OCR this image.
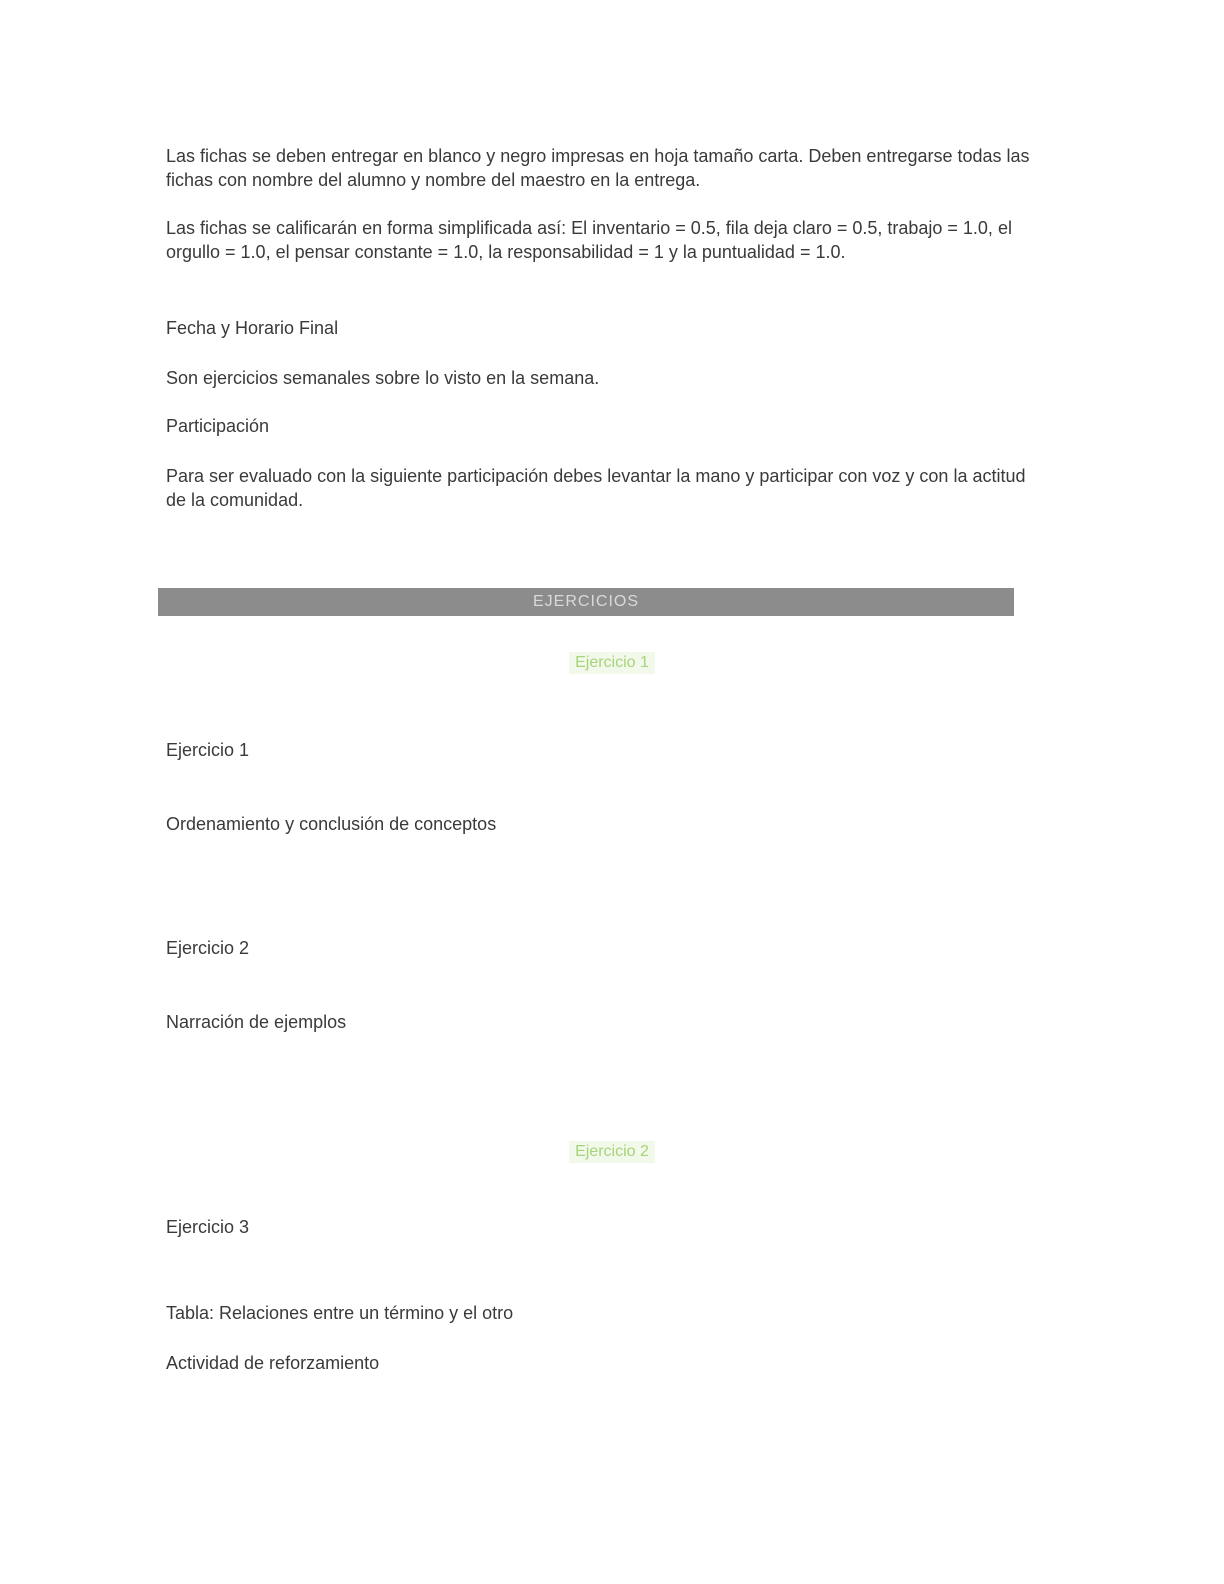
Las fichas se deben entregar en blanco y negro impresas en hoja tamaño carta. Deben entregarse todas las fichas con nombre del alumno y nombre del maestro en la entrega.

Las fichas se calificarán en forma simplificada así: El inventario = 0.5, fila deja claro = 0.5, trabajo = 1.0, el orgullo = 1.0, el pensar constante = 1.0, la responsabilidad = 1 y la puntualidad = 1.0.

Fecha y Horario Final

Son ejercicios semanales sobre lo visto en la semana.

Participación

Para ser evaluado con la siguiente participación debes levantar la mano y participar con voz y con la actitud de la comunidad.

EJERCICIOS
Ejercicio 1

Ejercicio 1

Ordenamiento y conclusión de conceptos

Ejercicio 2

Narración de ejemplos

Ejercicio 2

Ejercicio 3

Tabla: Relaciones entre un término y el otro

Actividad de reforzamiento
